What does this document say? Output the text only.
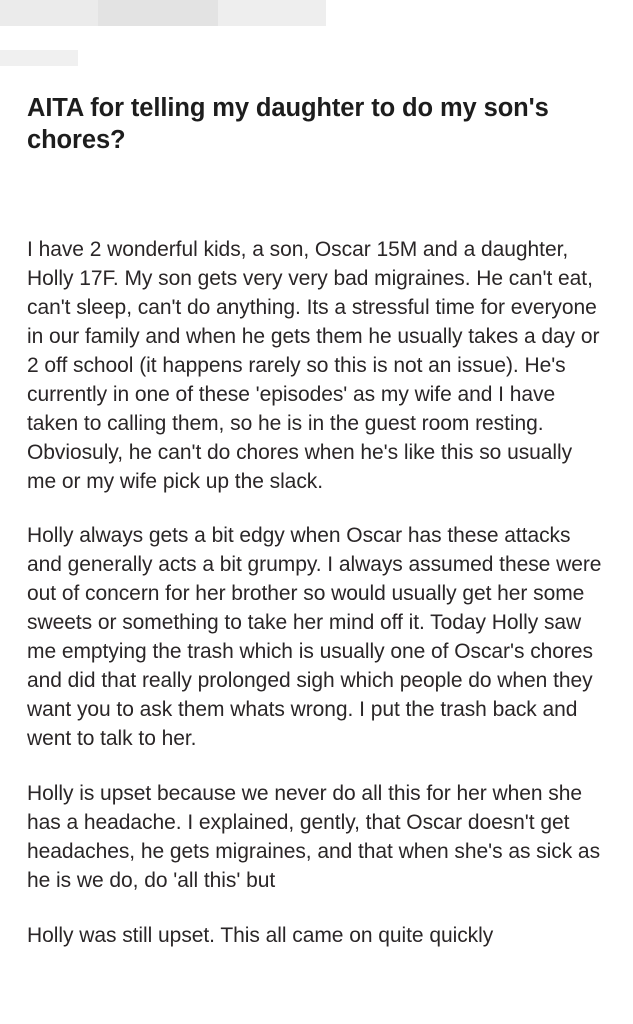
AITA for telling my daughter to do my son's chores?

I have 2 wonderful kids, a son, Oscar 15M and a daughter, Holly 17F. My son gets very very bad migraines. He can't eat, can't sleep, can't do anything. Its a stressful time for everyone in our family and when he gets them he usually takes a day or 2 off school (it happens rarely so this is not an issue). He's currently in one of these 'episodes' as my wife and I have taken to calling them, so he is in the guest room resting. Obviosuly, he can't do chores when he's like this so usually me or my wife pick up the slack.

Holly always gets a bit edgy when Oscar has these attacks and generally acts a bit grumpy. I always assumed these were out of concern for her brother so would usually get her some sweets or something to take her mind off it. Today Holly saw me emptying the trash which is usually one of Oscar's chores and did that really prolonged sigh which people do when they want you to ask them whats wrong. I put the trash back and went to talk to her.

Holly is upset because we never do all this for her when she has a headache. I explained, gently, that Oscar doesn't get headaches, he gets migraines, and that when she's as sick as he is we do, do 'all this' but

Holly was still upset. This all came on quite quickly
